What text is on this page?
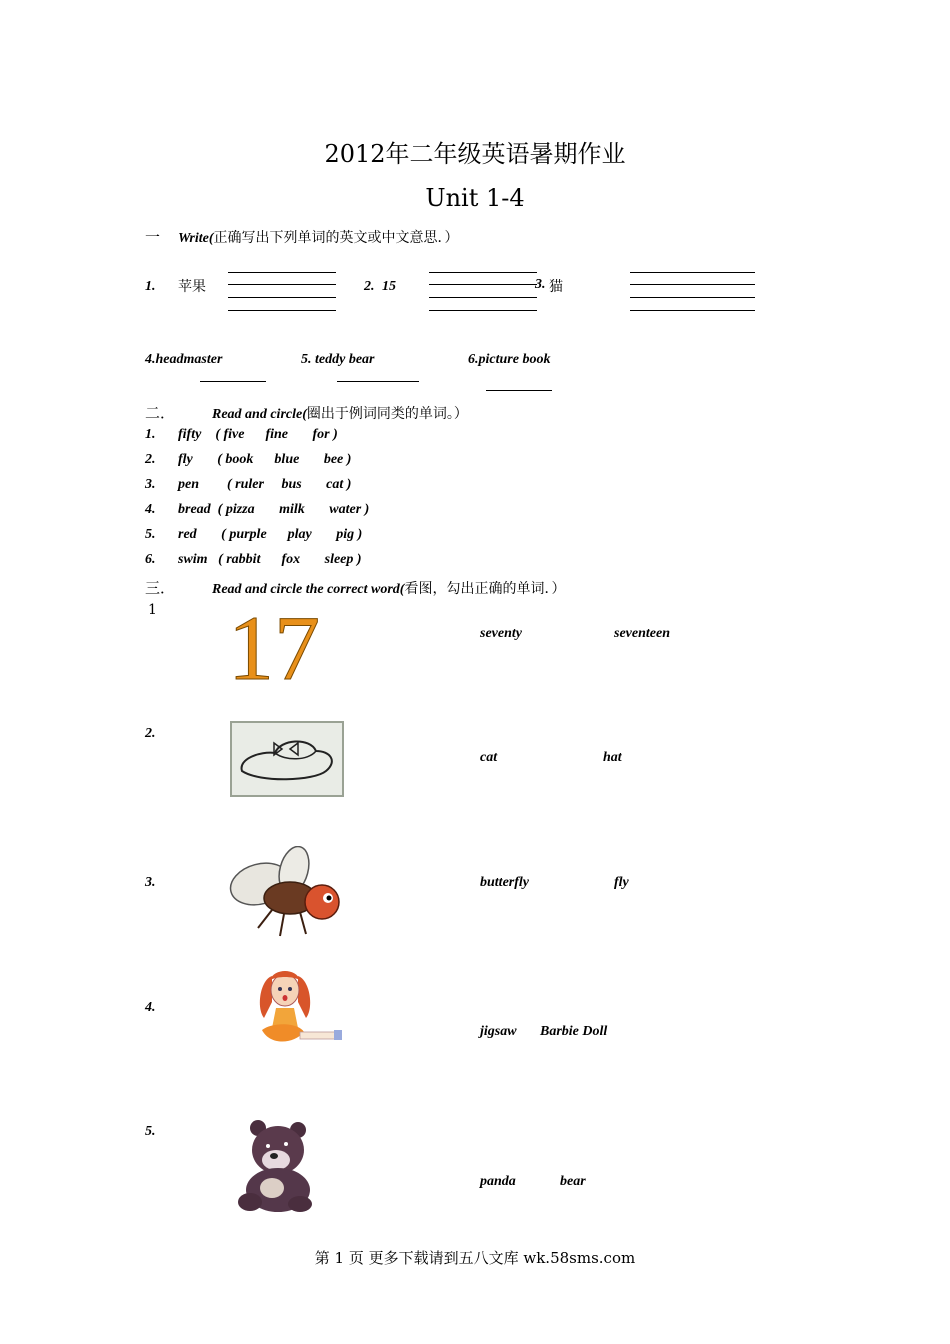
2012年二年级英语暑期作业
Unit 1-4
一 Write(正确写出下列单词的英文或中文意思．）
1. 苹果	2. 15	3. 猫
4.headmaster	5. teddy bear	6.picture book
二．	Read and circle(圈出于例词同类的单词。）
1. fifty    ( five      fine       for )
2. fly       ( book      blue       bee )
3. pen        ( ruler     bus       cat )
4. bread  ( pizza       milk       water )
5. red       ( purple      play       pig )
6. swim   ( rabbit      fox       sleep )
三．	Read and circle the correct word(看图，勾出正确的单词．）
1 17	seventy	seventeen
2.
cat	hat
3.	butterfly	fly
4.
jigsaw Barbie Doll
5.
panda	bear
第 1 页 更多下载请到五八文库 wk.58sms.com
